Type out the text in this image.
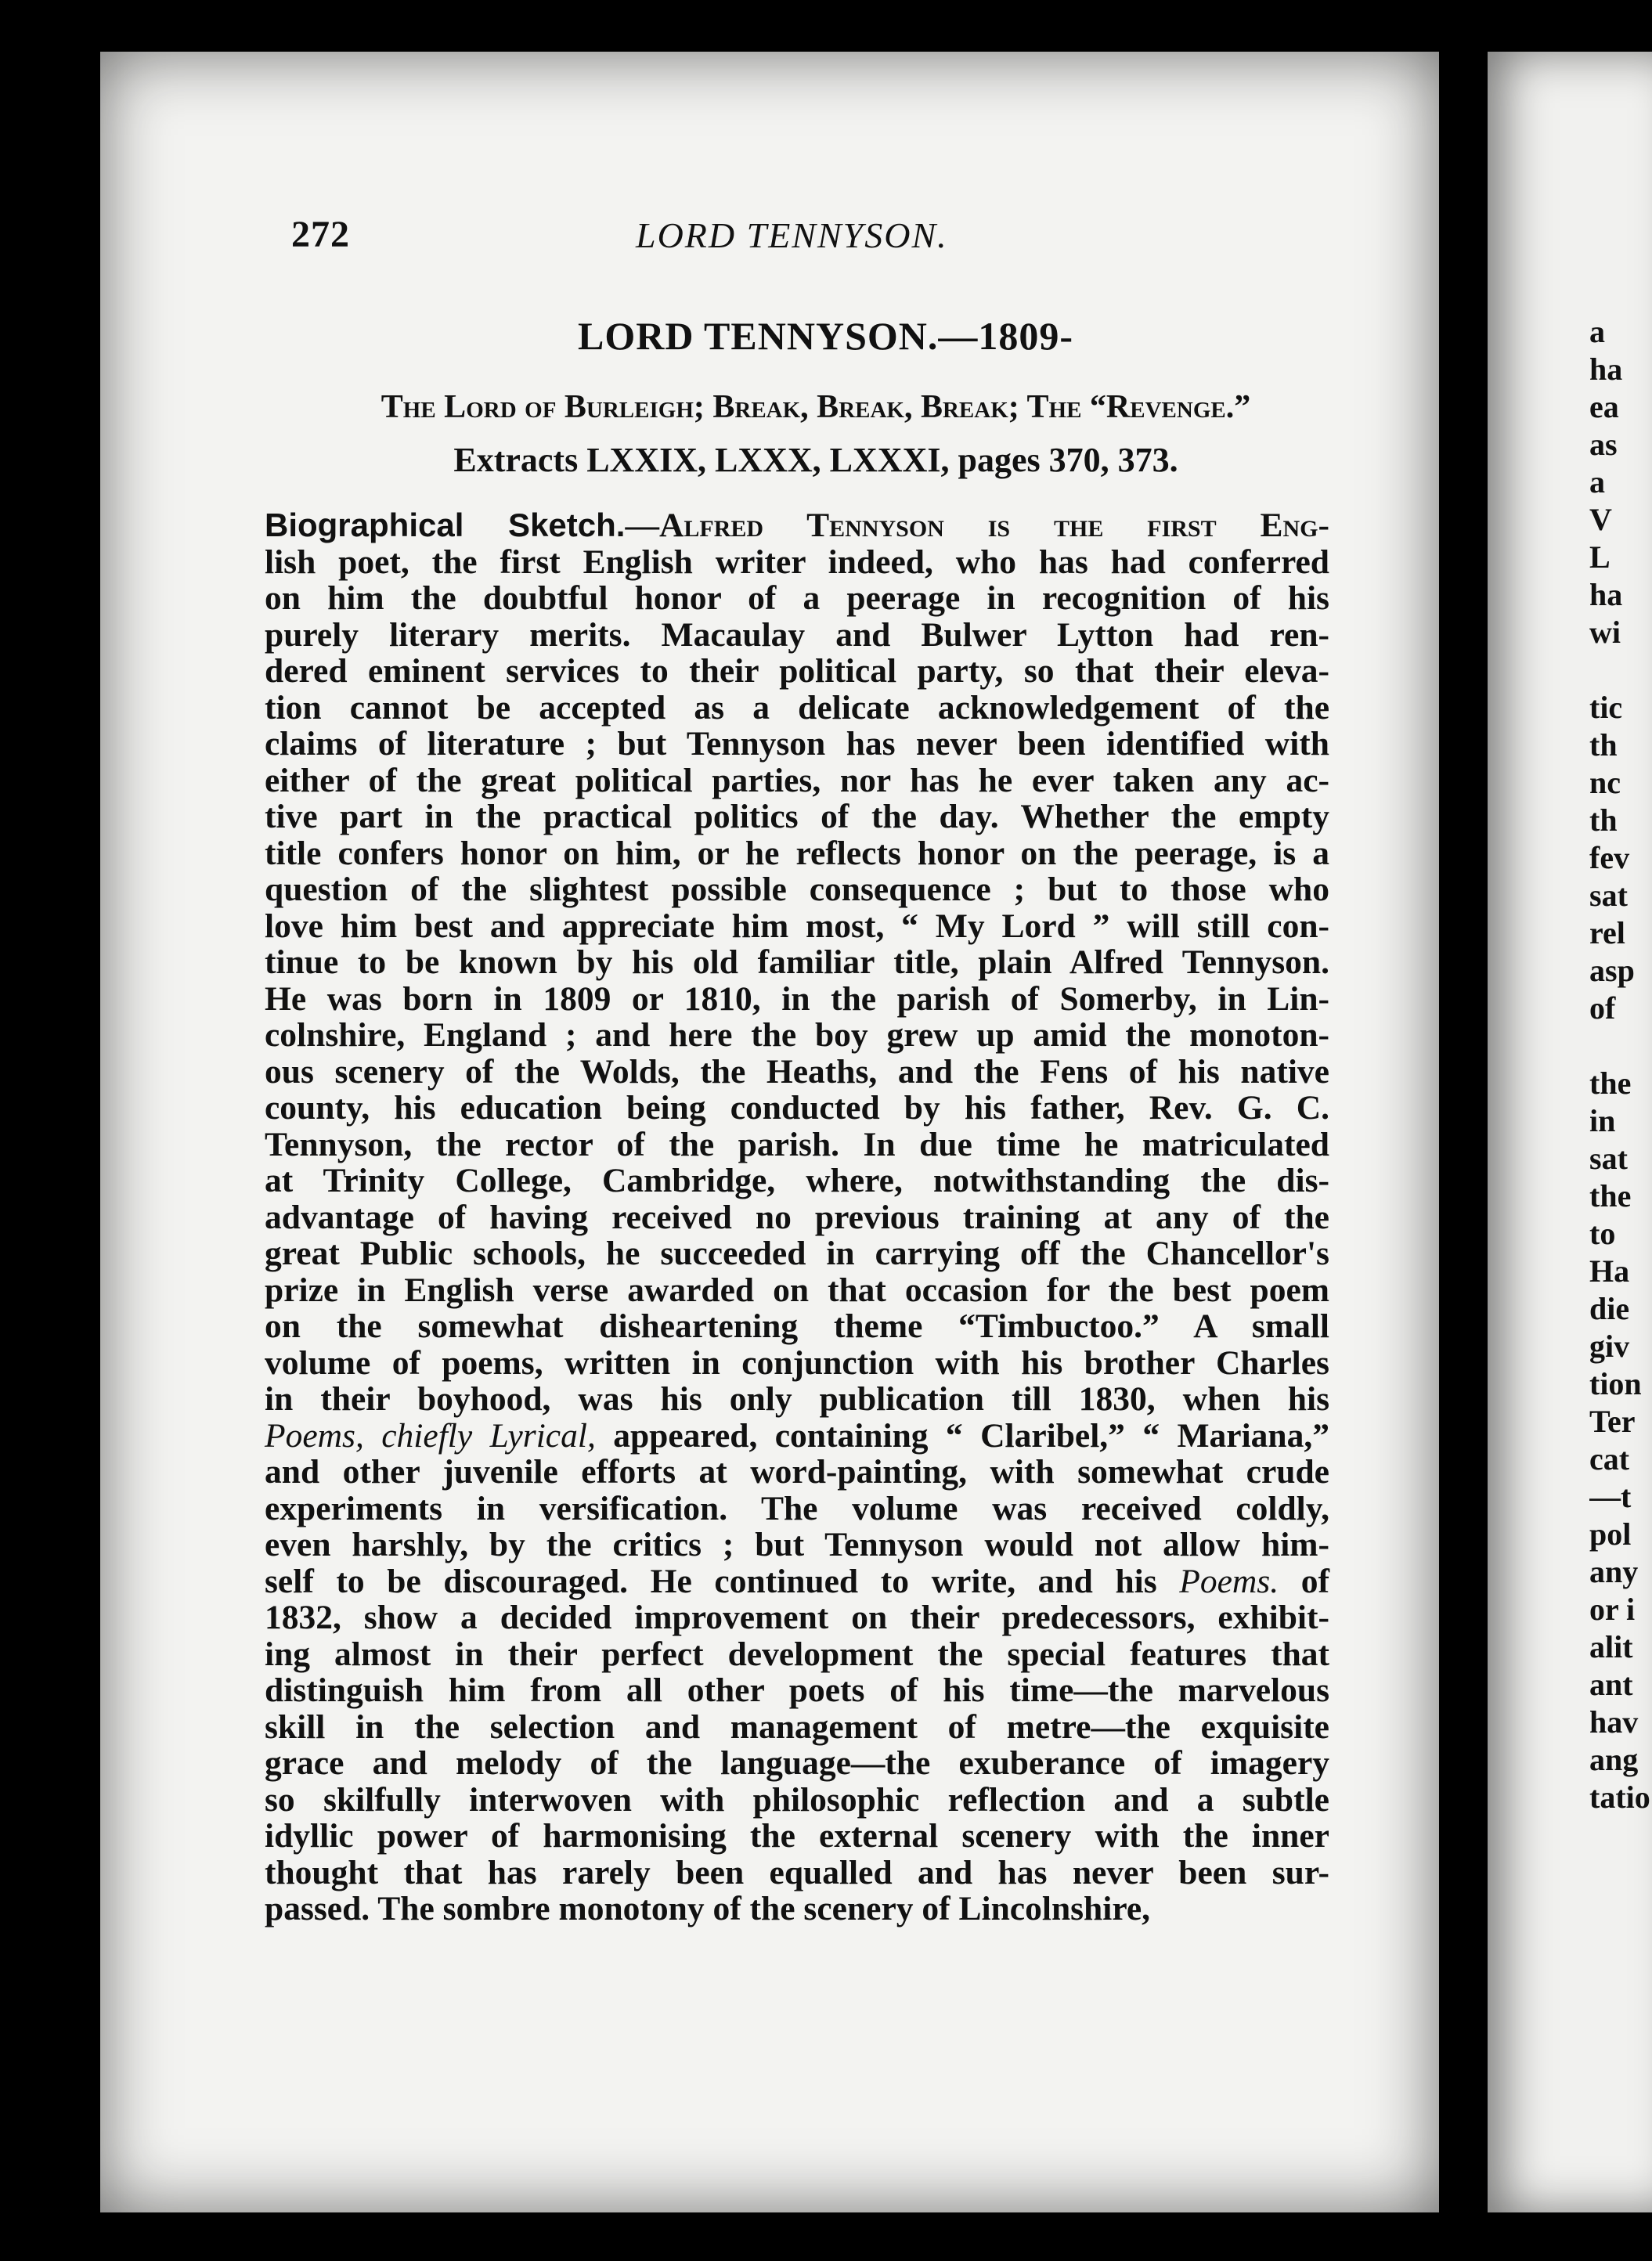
272	LORD TENNYSON.
LORD TENNYSON.—1809-
The Lord of Burleigh; Break, Break, Break; The “Revenge.”
Extracts LXXIX, LXXX, LXXXI, pages 370, 373.
Biographical Sketch.—Alfred Tennyson is the first Eng-
lish poet, the first English writer indeed, who has had conferred
on him the doubtful honor of a peerage in recognition of his
purely literary merits. Macaulay and Bulwer Lytton had ren-
dered eminent services to their political party, so that their eleva-
tion cannot be accepted as a delicate acknowledgement of the
claims of literature ; but Tennyson has never been identified with
either of the great political parties, nor has he ever taken any ac-
tive part in the practical politics of the day. Whether the empty
title confers honor on him, or he reflects honor on the peerage, is a
question of the slightest possible consequence ; but to those who
love him best and appreciate him most, “ My Lord ” will still con-
tinue to be known by his old familiar title, plain Alfred Tennyson.
He was born in 1809 or 1810, in the parish of Somerby, in Lin-
colnshire, England ; and here the boy grew up amid the monoton-
ous scenery of the Wolds, the Heaths, and the Fens of his native
county, his education being conducted by his father, Rev. G. C.
Tennyson, the rector of the parish. In due time he matriculated
at Trinity College, Cambridge, where, notwithstanding the dis-
advantage of having received no previous training at any of the
great Public schools, he succeeded in carrying off the Chancellor's
prize in English verse awarded on that occasion for the best poem
on the somewhat disheartening theme “Timbuctoo.” A small
volume of poems, written in conjunction with his brother Charles
in their boyhood, was his only publication till 1830, when his
Poems, chiefly Lyrical, appeared, containing “ Claribel,” “ Mariana,”
and other juvenile efforts at word-painting, with somewhat crude
experiments in versification. The volume was received coldly,
even harshly, by the critics ; but Tennyson would not allow him-
self to be discouraged. He continued to write, and his Poems. of
1832, show a decided improvement on their predecessors, exhibit-
ing almost in their perfect development the special features that
distinguish him from all other poets of his time—the marvelous
skill in the selection and management of metre—the exquisite
grace and melody of the language—the exuberance of imagery
so skilfully interwoven with philosophic reflection and a subtle
idyllic power of harmonising the external scenery with the inner
thought that has rarely been equalled and has never been sur-
passed. The sombre monotony of the scenery of Lincolnshire,
a
ha
ea
as
a
V
L
ha
wi

tic
th
nc
th
fev
sat
rel
asp
of

the
in
sat
the
to
Ha
die
giv
tion
Ter
cat
—t
pol
any
or i
alit
ant
hav
ang
tatio
